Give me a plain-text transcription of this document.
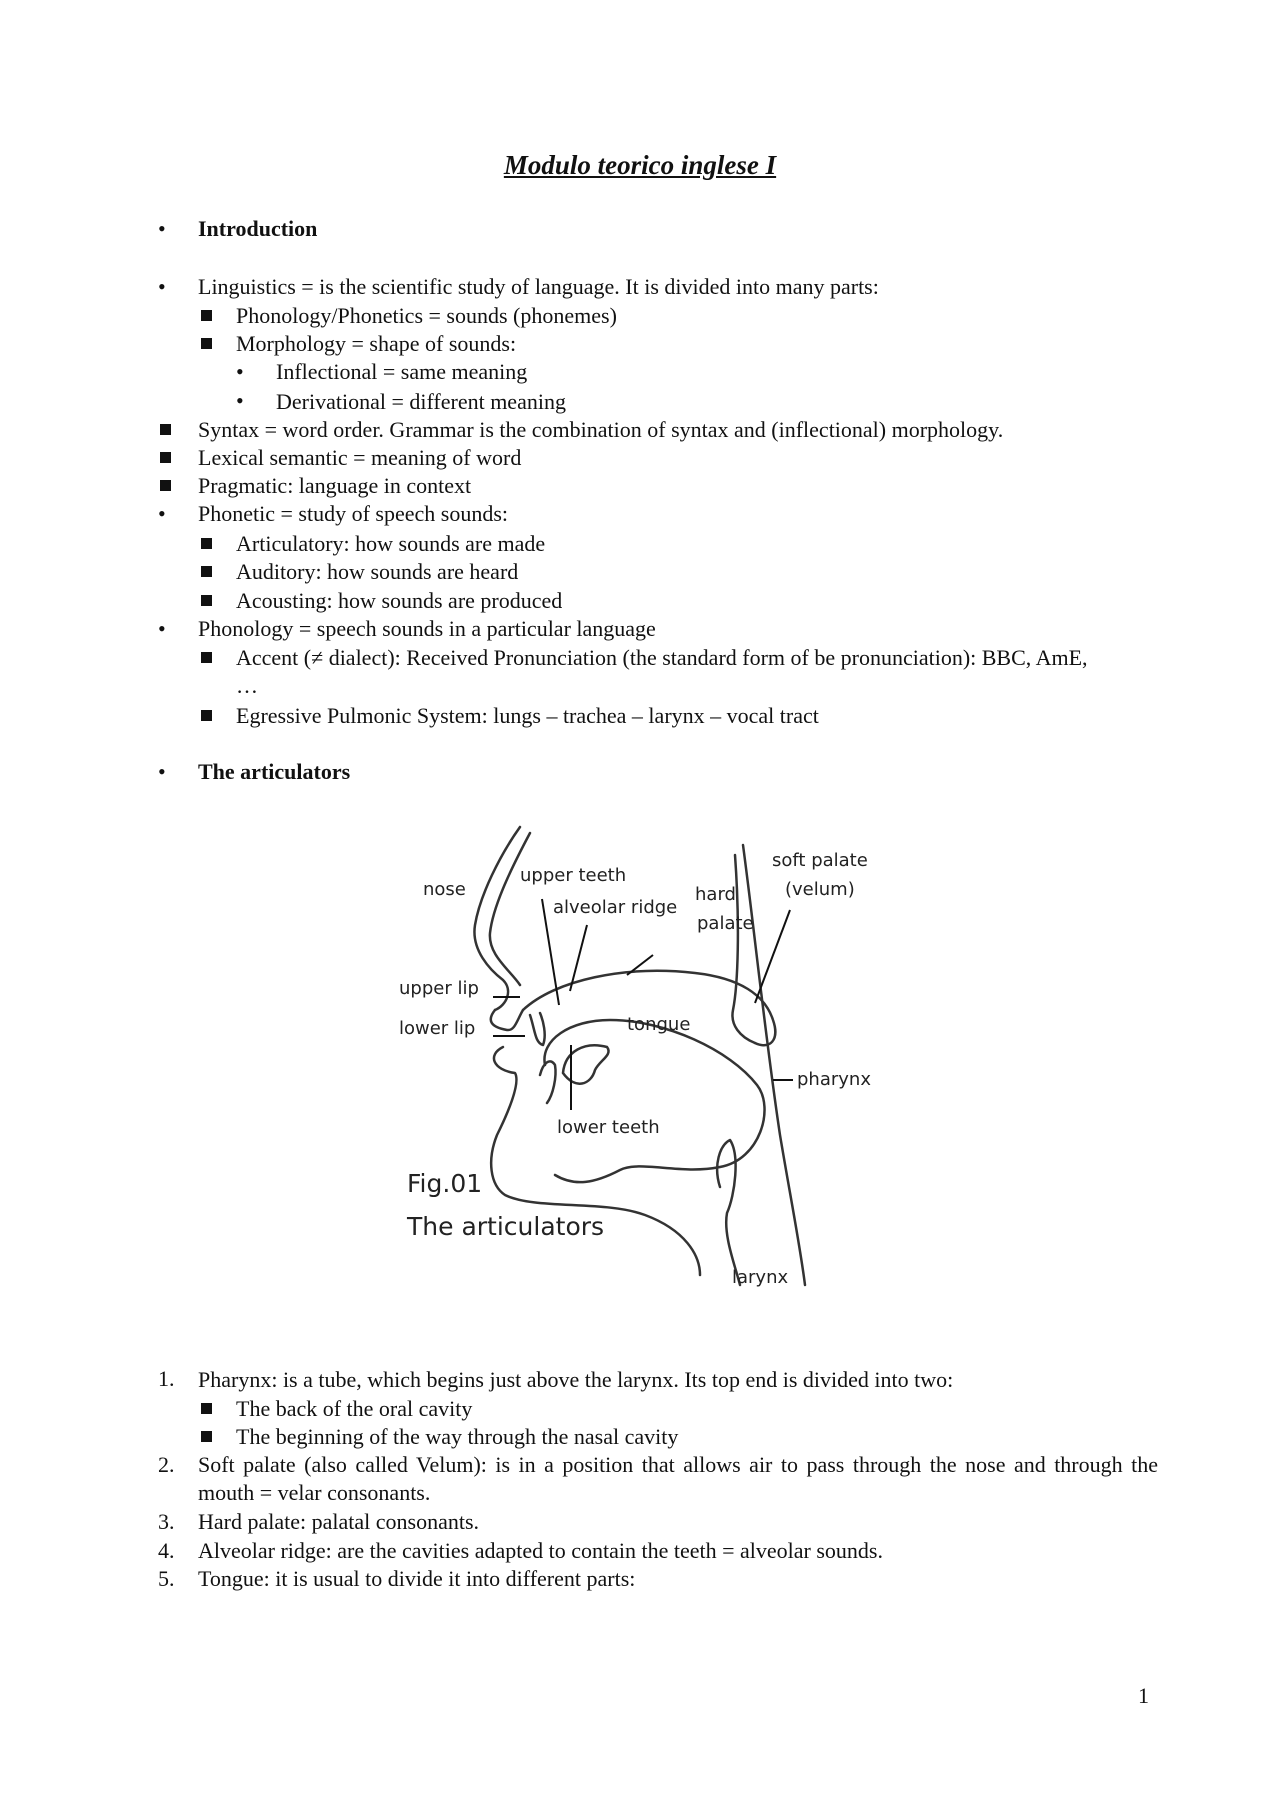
Modulo teorico inglese I
• Introduction
• Linguistics = is the scientific study of language. It is divided into many parts:
Phonology/Phonetics = sounds (phonemes)
Morphology = shape of sounds:
• Inflectional = same meaning
• Derivational = different meaning
Syntax = word order. Grammar is the combination of syntax and (inflectional) morphology.
Lexical semantic = meaning of word
Pragmatic: language in context
• Phonetic = study of speech sounds:
Articulatory: how sounds are made
Auditory: how sounds are heard
Acousting: how sounds are produced
• Phonology = speech sounds in a particular language
Accent (≠ dialect): Received Pronunciation (the standard form of be pronunciation): BBC, AmE,
…
Egressive Pulmonic System: lungs – trachea – larynx – vocal tract
• The articulators
nose
upper teeth
alveolar ridge
hard
palate
soft palate
(velum)
upper lip
lower lip	tongue
pharynx
lower teeth
larynx
Fig.01
The articulators
1. Pharynx: is a tube, which begins just above the larynx. Its top end is divided into two:
The back of the oral cavity
The beginning of the way through the nasal cavity
2. Soft palate (also called Velum): is in a position that allows air to pass through the nose and through the mouth = velar consonants.
3. Hard palate: palatal consonants.
4. Alveolar ridge: are the cavities adapted to contain the teeth = alveolar sounds.
5. Tongue: it is usual to divide it into different parts:
1
